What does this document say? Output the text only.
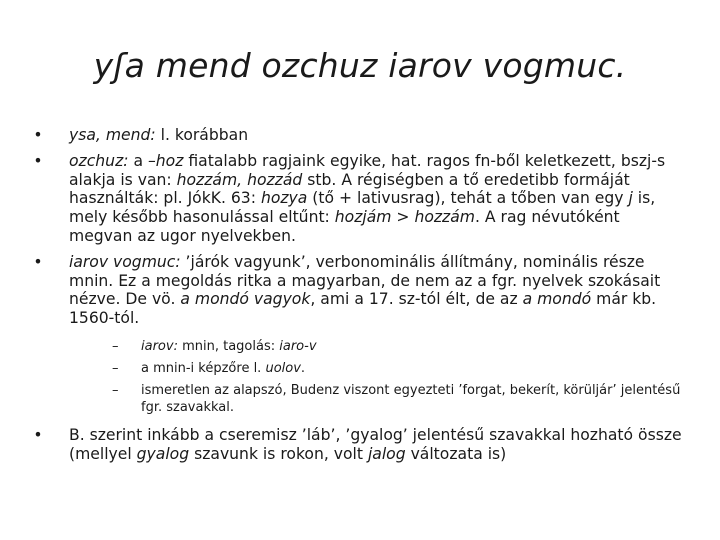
yʃa mend ozchuz iarov vogmuc.
• ysa, mend: l. korábban
• ozchuz: a –hoz fiatalabb ragjaink egyike, hat. ragos fn-ből keletkezett, bszj-s alakja is van: hozzám, hozzád stb. A régiségben a tő eredetibb formáját használták: pl. JókK. 63: hozya (tő + lativusrag), tehát a tőben van egy j is, mely később hasonulással eltűnt: hozjám > hozzám. A rag névutóként megvan az ugor nyelvekben.
• iarov vogmuc: ’járók vagyunk’, verbonominális állítmány, nominális része mnin. Ez a megoldás ritka a magyarban, de nem az a fgr. nyelvek szokásait nézve. De vö. a mondó vagyok, ami a 17. sz-tól élt, de az a mondó már kb. 1560-tól.
– iarov: mnin, tagolás: iaro-v
– a mnin-i képzőre l. uolov.
– ismeretlen az alapszó, Budenz viszont egyezteti ’forgat, bekerít, körüljár’ jelentésű fgr. szavakkal.
• B. szerint inkább a cseremisz ’láb’, ’gyalog’ jelentésű szavakkal hozható össze (mellyel gyalog szavunk is rokon, volt jalog változata is)
